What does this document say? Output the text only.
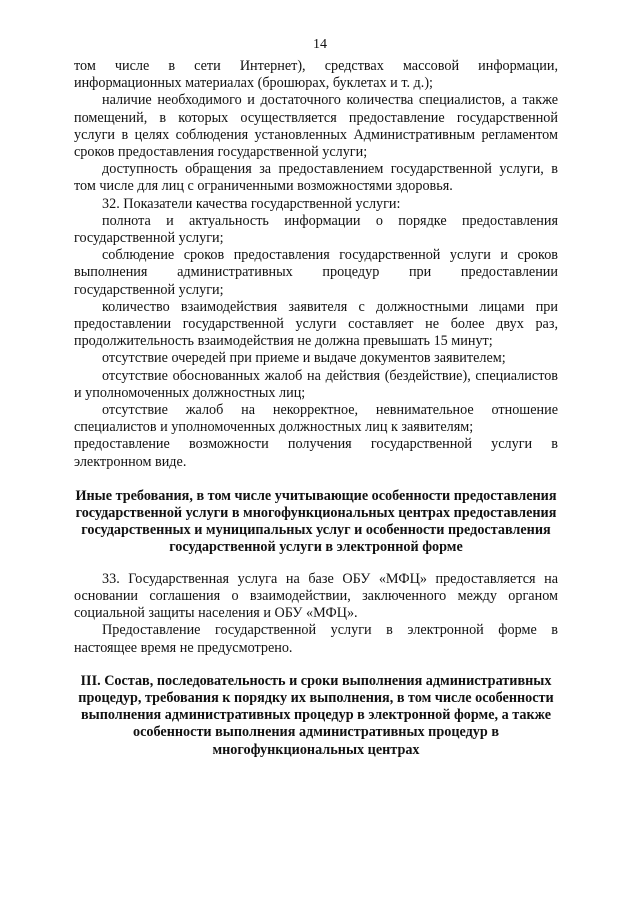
14

том числе в сети Интернет), средствах массовой информации, информационных материалах (брошюрах, буклетах и т. д.);

наличие необходимого и достаточного количества специалистов, а также помещений, в которых осуществляется предоставление государственной услуги в целях соблюдения установленных Административным регламентом сроков предоставления государственной услуги;

доступность обращения за предоставлением государственной услуги, в том числе для лиц с ограниченными возможностями здоровья.

32. Показатели качества государственной услуги:

полнота и актуальность информации о порядке предоставления государственной услуги;

соблюдение сроков предоставления государственной услуги и сроков выполнения административных процедур при предоставлении государственной услуги;

количество взаимодействия заявителя с должностными лицами при предоставлении государственной услуги составляет не более двух раз, продолжительность взаимодействия не должна превышать 15 минут;

отсутствие очередей при приеме и выдаче документов заявителем;

отсутствие обоснованных жалоб на действия (бездействие), специалистов и уполномоченных должностных лиц;

отсутствие жалоб на некорректное, невнимательное отношение специалистов и уполномоченных должностных лиц к заявителям;

предоставление возможности получения государственной услуги в электронном виде.

Иные требования, в том числе учитывающие особенности предоставления государственной услуги в многофункциональных центрах предоставления государственных и муниципальных услуг и особенности предоставления государственной услуги в электронной форме

33. Государственная услуга на базе ОБУ «МФЦ» предоставляется на основании соглашения о взаимодействии, заключенного между органом социальной защиты населения и ОБУ «МФЦ».

Предоставление государственной услуги в электронной форме в настоящее время не предусмотрено.

III. Состав, последовательность и сроки выполнения административных процедур, требования к порядку их выполнения, в том числе особенности выполнения административных процедур в электронной форме, а также особенности выполнения административных процедур в многофункциональных центрах
